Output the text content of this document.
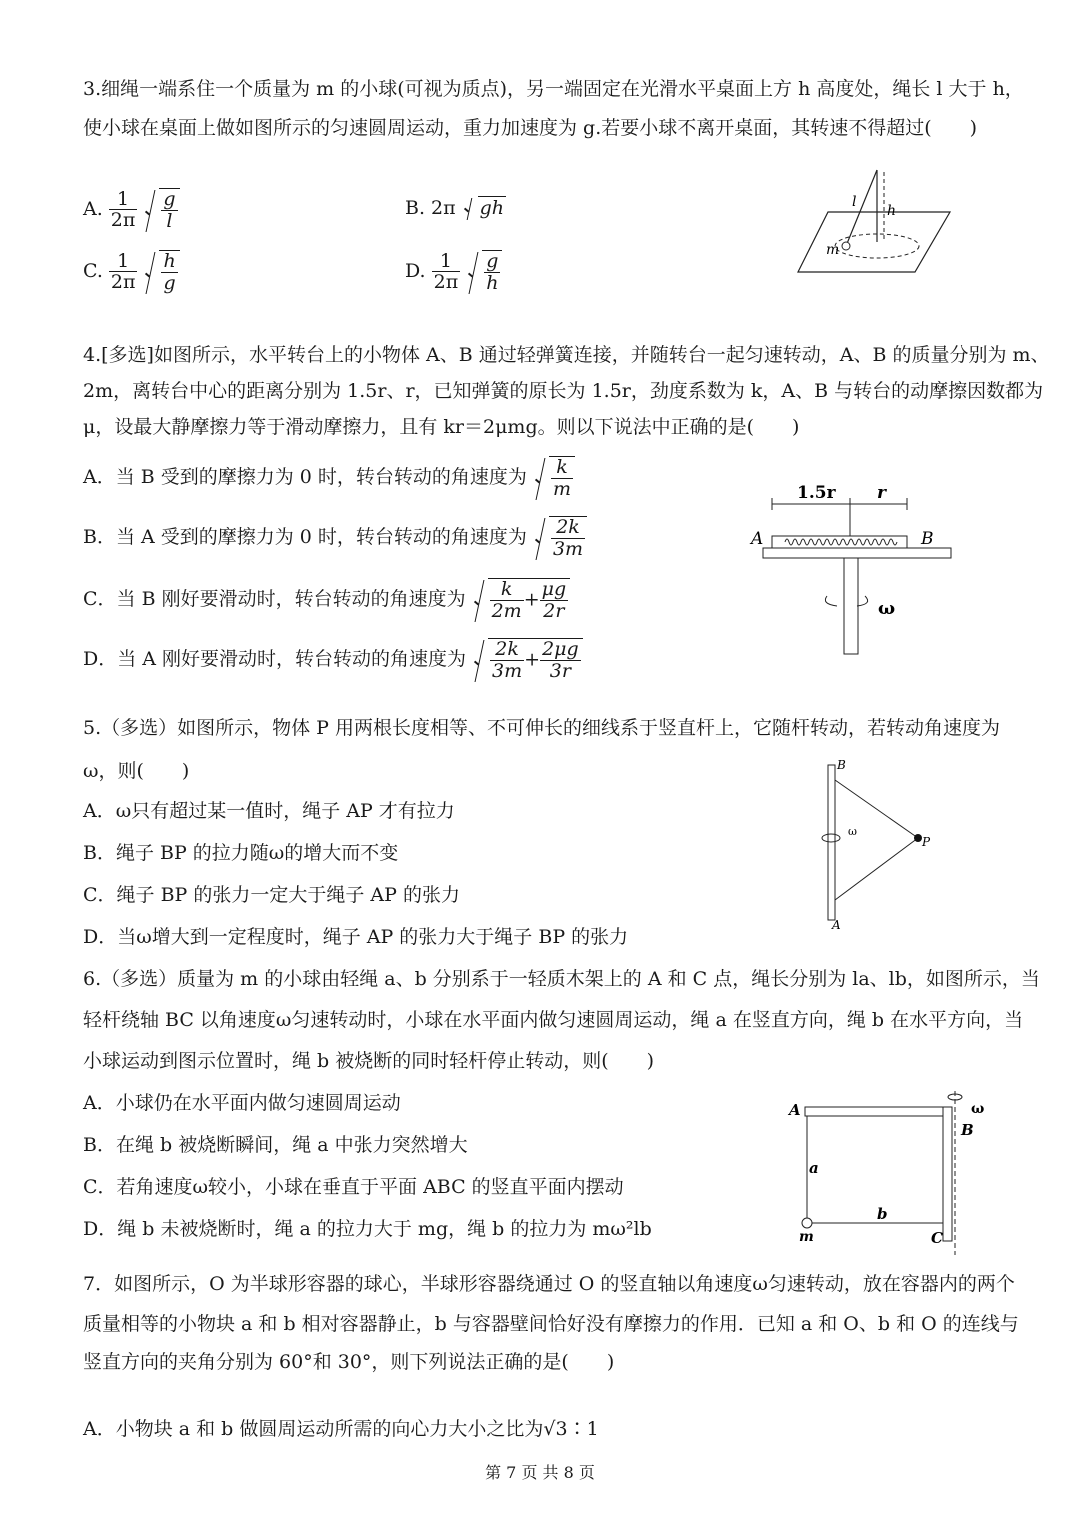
3.细绳一端系住一个质量为 m 的小球(可视为质点)，另一端固定在光滑水平桌面上方 h 高度处，绳长 l 大于 h，
使小球在桌面上做如图所示的匀速圆周运动，重力加速度为 g.若要小球不离开桌面，其转速不得超过(　　)
A. $\frac{1}{2\pi} \frac{g}{l}$	B. 2π	gh
C. $\frac{1}{2\pi} \frac{h}{g}$	D. $\frac{1}{2\pi} \frac{g}{h}$
l
h
m
4.[多选]如图所示，水平转台上的小物体 A、B 通过轻弹簧连接，并随转台一起匀速转动，A、B 的质量分别为 m、
2m，离转台中心的距离分别为 1.5r、r，已知弹簧的原长为 1.5r，劲度系数为 k，A、B 与转台的动摩擦因数都为
μ，设最大静摩擦力等于滑动摩擦力，且有 kr＝2μmg。则以下说法中正确的是(　　)
A．当 B 受到的摩擦力为 0 时，转台转动的角速度为 $\frac{k}{m}$
B．当 A 受到的摩擦力为 0 时，转台转动的角速度为 $\frac{2k}{3m}$
C．当 B 刚好要滑动时，转台转动的角速度为 $\frac{k}{2m} + \frac{\mu g}{2r}$
D．当 A 刚好要滑动时，转台转动的角速度为 $\frac{2k}{3m} + \frac{2\mu g}{3r}$
1.5r r
A	B
ω
5.（多选）如图所示，物体 P 用两根长度相等、不可伸长的细线系于竖直杆上，它随杆转动，若转动角速度为
ω，则(　　)
A．ω只有超过某一值时，绳子 AP 才有拉力
B．绳子 BP 的拉力随ω的增大而不变
C．绳子 BP 的张力一定大于绳子 AP 的张力
D．当ω增大到一定程度时，绳子 AP 的张力大于绳子 BP 的张力
B
A
P
ω
6.（多选）质量为 m 的小球由轻绳 a、b 分别系于一轻质木架上的 A 和 C 点，绳长分别为 la、lb，如图所示，当
轻杆绕轴 BC 以角速度ω匀速转动时，小球在水平面内做匀速圆周运动，绳 a 在竖直方向，绳 b 在水平方向，当
小球运动到图示位置时，绳 b 被烧断的同时轻杆停止转动，则(　　)
A．小球仍在水平面内做匀速圆周运动
B．在绳 b 被烧断瞬间，绳 a 中张力突然增大
C．若角速度ω较小，小球在垂直于平面 ABC 的竖直平面内摆动
D．绳 b 未被烧断时，绳 a 的拉力大于 mg，绳 b 的拉力为 mω²lb
A
B
C
a
b
m
ω
7．如图所示，O 为半球形容器的球心，半球形容器绕通过 O 的竖直轴以角速度ω匀速转动，放在容器内的两个
质量相等的小物块 a 和 b 相对容器静止，b 与容器壁间恰好没有摩擦力的作用．已知 a 和 O、b 和 O 的连线与
竖直方向的夹角分别为 60°和 30°，则下列说法正确的是(　　)
A．小物块 a 和 b 做圆周运动所需的向心力大小之比为√3∶1
第 7 页 共 8 页
